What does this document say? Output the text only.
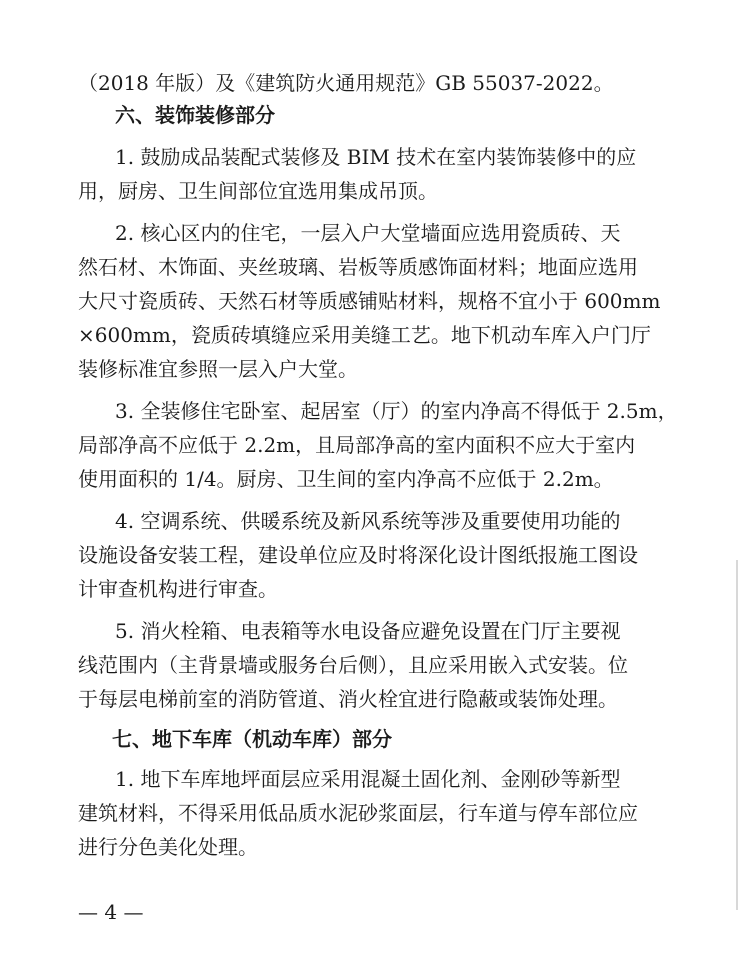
（2018 年版）及《建筑防火通用规范》GB 55037-2022。
六、装饰装修部分
1. 鼓励成品装配式装修及 BIM 技术在室内装饰装修中的应
用，厨房、卫生间部位宜选用集成吊顶。
2. 核心区内的住宅，一层入户大堂墙面应选用瓷质砖、天
然石材、木饰面、夹丝玻璃、岩板等质感饰面材料；地面应选用
大尺寸瓷质砖、天然石材等质感铺贴材料，规格不宜小于 600mm
×600mm，瓷质砖填缝应采用美缝工艺。地下机动车库入户门厅
装修标准宜参照一层入户大堂。
3. 全装修住宅卧室、起居室（厅）的室内净高不得低于 2.5m，
局部净高不应低于 2.2m，且局部净高的室内面积不应大于室内
使用面积的 1/4。厨房、卫生间的室内净高不应低于 2.2m。
4. 空调系统、供暖系统及新风系统等涉及重要使用功能的
设施设备安装工程，建设单位应及时将深化设计图纸报施工图设
计审查机构进行审查。
5. 消火栓箱、电表箱等水电设备应避免设置在门厅主要视
线范围内（主背景墙或服务台后侧），且应采用嵌入式安装。位
于每层电梯前室的消防管道、消火栓宜进行隐蔽或装饰处理。
七、地下车库（机动车库）部分
1. 地下车库地坪面层应采用混凝土固化剂、金刚砂等新型
建筑材料，不得采用低品质水泥砂浆面层，行车道与停车部位应
进行分色美化处理。
— 4 —
